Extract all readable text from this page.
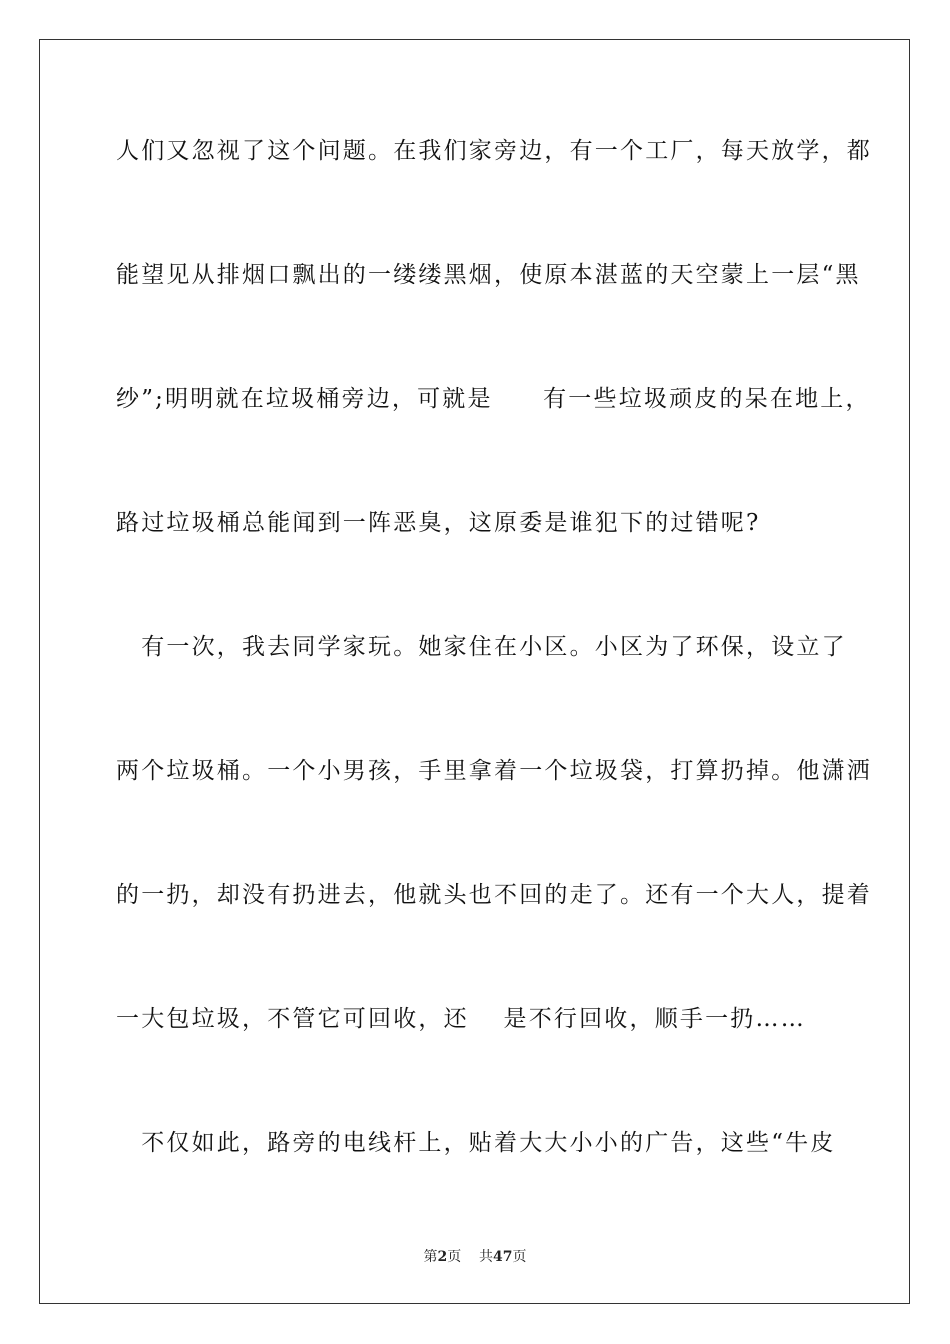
人们又忽视了这个问题。在我们家旁边，有一个工厂，每天放学，都
能望见从排烟口飘出的一缕缕黑烟，使原本湛蓝的天空蒙上一层“黑
纱”;明明就在垃圾桶旁边，可就是　　有一些垃圾顽皮的呆在地上，
路过垃圾桶总能闻到一阵恶臭，这原委是谁犯下的过错呢?
　有一次，我去同学家玩。她家住在小区。小区为了环保，设立了
两个垃圾桶。一个小男孩，手里拿着一个垃圾袋，打算扔掉。他潇洒
的一扔，却没有扔进去，他就头也不回的走了。还有一个大人，提着
一大包垃圾，不管它可回收，还　 是不行回收，顺手一扔……
　不仅如此，路旁的电线杆上，贴着大大小小的广告，这些“牛皮
第2页 共47页
